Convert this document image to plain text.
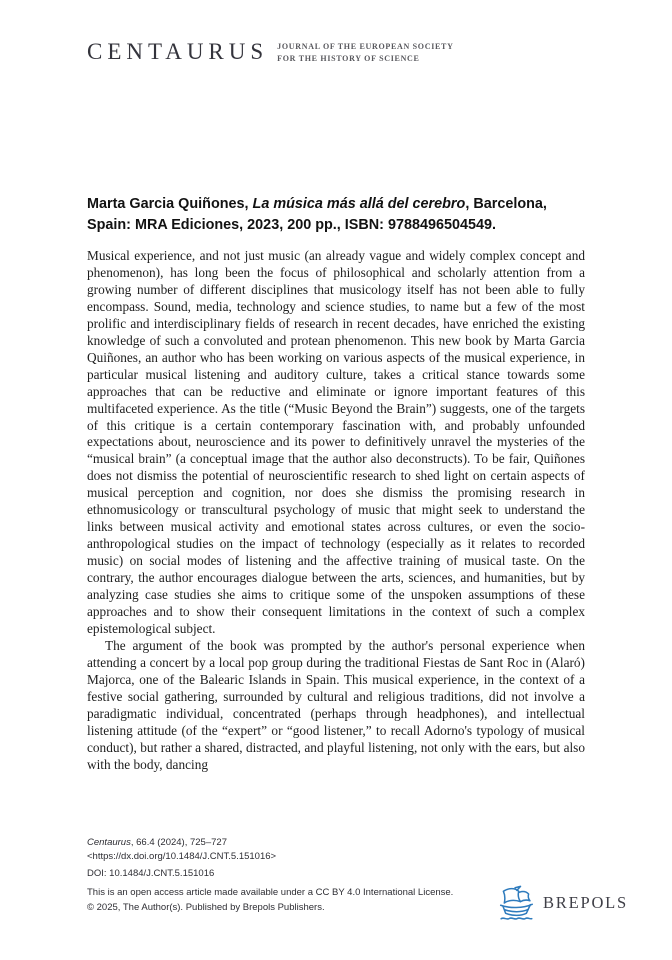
CENTAURUS JOURNAL OF THE EUROPEAN SOCIETY
FOR THE HISTORY OF SCIENCE
Marta Garcia Quiñones, La música más allá del cerebro, Barcelona, Spain: MRA Ediciones, 2023, 200 pp., ISBN: 9788496504549.

Musical experience, and not just music (an already vague and widely complex concept and phenomenon), has long been the focus of philosophical and scholarly attention from a growing number of different disciplines that musicology itself has not been able to fully encompass. Sound, media, technology and science studies, to name but a few of the most prolific and interdisciplinary fields of research in recent decades, have enriched the existing knowledge of such a convoluted and protean phenomenon. This new book by Marta Garcia Quiñones, an author who has been working on various aspects of the musical experience, in particular musical listening and auditory culture, takes a critical stance towards some approaches that can be reductive and eliminate or ignore important features of this multifaceted experience. As the title (“Music Beyond the Brain”) suggests, one of the targets of this critique is a certain contemporary fascination with, and probably unfounded expectations about, neuroscience and its power to definitively unravel the mysteries of the “musical brain” (a conceptual image that the author also deconstructs). To be fair, Quiñones does not dismiss the potential of neuroscientific research to shed light on certain aspects of musical perception and cognition, nor does she dismiss the promising research in ethnomusicology or transcultural psychology of music that might seek to understand the links between musical activity and emotional states across cultures, or even the socio-anthropological studies on the impact of technology (especially as it relates to recorded music) on social modes of listening and the affective training of musical taste. On the contrary, the author encourages dialogue between the arts, sciences, and humanities, but by analyzing case studies she aims to critique some of the unspoken assumptions of these approaches and to show their consequent limitations in the context of such a complex epistemological subject.

The argument of the book was prompted by the author's personal experience when attending a concert by a local pop group during the traditional Fiestas de Sant Roc in (Alaró) Majorca, one of the Balearic Islands in Spain. This musical experience, in the context of a festive social gathering, surrounded by cultural and religious traditions, did not involve a paradigmatic individual, concentrated (perhaps through headphones), and intellectual listening attitude (of the “expert” or “good listener,” to recall Adorno's typology of musical conduct), but rather a shared, distracted, and playful listening, not only with the ears, but also with the body, dancing

Centaurus, 66.4 (2024), 725–727
<https://dx.doi.org/10.1484/J.CNT.5.151016>
DOI: 10.1484/J.CNT.5.151016
This is an open access article made available under a CC BY 4.0 International License.
© 2025, The Author(s). Published by Brepols Publishers.	BREPOLS
